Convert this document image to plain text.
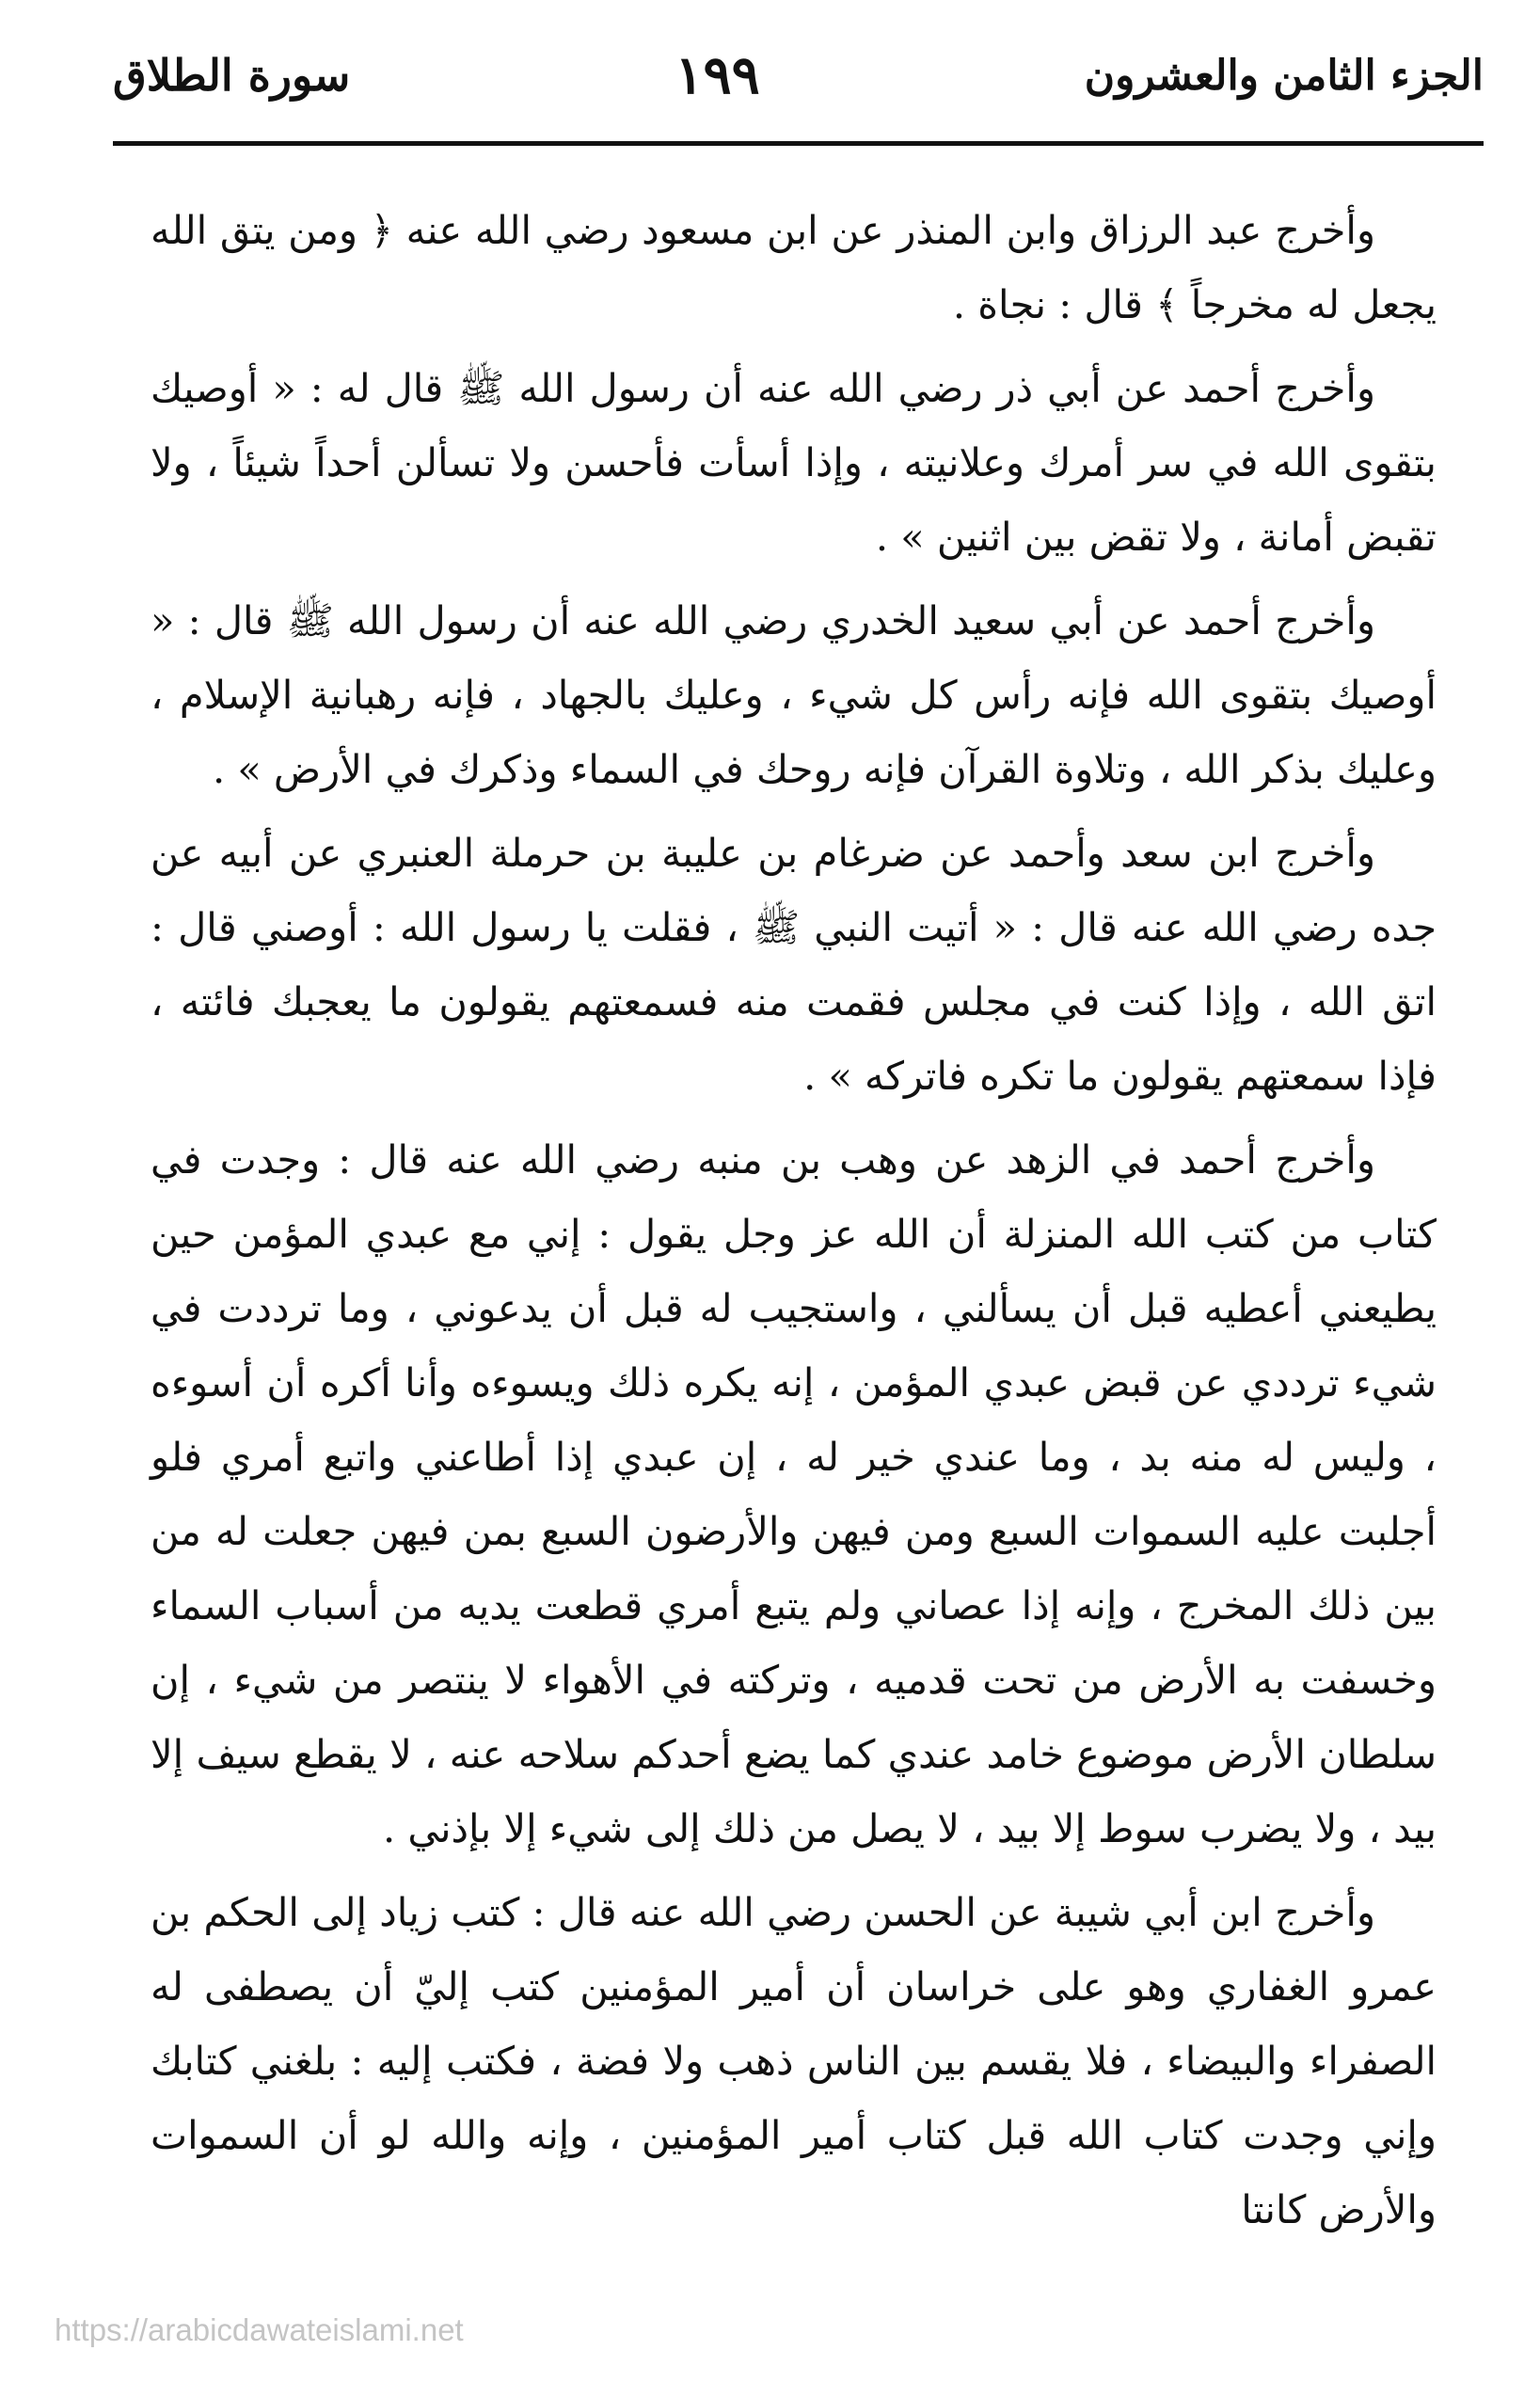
الجزء الثامن والعشرون
١٩٩
سورة الطلاق

وأخرج عبد الرزاق وابن المنذر عن ابن مسعود رضي الله عنه ﴿ ومن يتق الله يجعل له مخرجاً ﴾ قال : نجاة .

وأخرج أحمد عن أبي ذر رضي الله عنه أن رسول الله ﷺ قال له : « أوصيك بتقوى الله في سر أمرك وعلانيته ، وإذا أسأت فأحسن ولا تسألن أحداً شيئاً ، ولا تقبض أمانة ، ولا تقض بين اثنين » .

وأخرج أحمد عن أبي سعيد الخدري رضي الله عنه أن رسول الله ﷺ قال : « أوصيك بتقوى الله فإنه رأس كل شيء ، وعليك بالجهاد ، فإنه رهبانية الإسلام ، وعليك بذكر الله ، وتلاوة القرآن فإنه روحك في السماء وذكرك في الأرض » .

وأخرج ابن سعد وأحمد عن ضرغام بن عليبة بن حرملة العنبري عن أبيه عن جده رضي الله عنه قال : « أتيت النبي ﷺ ، فقلت يا رسول الله : أوصني قال : اتق الله ، وإذا كنت في مجلس فقمت منه فسمعتهم يقولون ما يعجبك فائته ، فإذا سمعتهم يقولون ما تكره فاتركه » .

وأخرج أحمد في الزهد عن وهب بن منبه رضي الله عنه قال : وجدت في كتاب من كتب الله المنزلة أن الله عز وجل يقول : إني مع عبدي المؤمن حين يطيعني أعطيه قبل أن يسألني ، واستجيب له قبل أن يدعوني ، وما ترددت في شيء ترددي عن قبض عبدي المؤمن ، إنه يكره ذلك ويسوءه وأنا أكره أن أسوءه ، وليس له منه بد ، وما عندي خير له ، إن عبدي إذا أطاعني واتبع أمري فلو أجلبت عليه السموات السبع ومن فيهن والأرضون السبع بمن فيهن جعلت له من بين ذلك المخرج ، وإنه إذا عصاني ولم يتبع أمري قطعت يديه من أسباب السماء وخسفت به الأرض من تحت قدميه ، وتركته في الأهواء لا ينتصر من شيء ، إن سلطان الأرض موضوع خامد عندي كما يضع أحدكم سلاحه عنه ، لا يقطع سيف إلا بيد ، ولا يضرب سوط إلا بيد ، لا يصل من ذلك إلى شيء إلا بإذني .

وأخرج ابن أبي شيبة عن الحسن رضي الله عنه قال : كتب زياد إلى الحكم بن عمرو الغفاري وهو على خراسان أن أمير المؤمنين كتب إليّ أن يصطفى له الصفراء والبيضاء ، فلا يقسم بين الناس ذهب ولا فضة ، فكتب إليه : بلغني كتابك وإني وجدت كتاب الله قبل كتاب أمير المؤمنين ، وإنه والله لو أن السموات والأرض كانتا

https://arabicdawateislami.net
